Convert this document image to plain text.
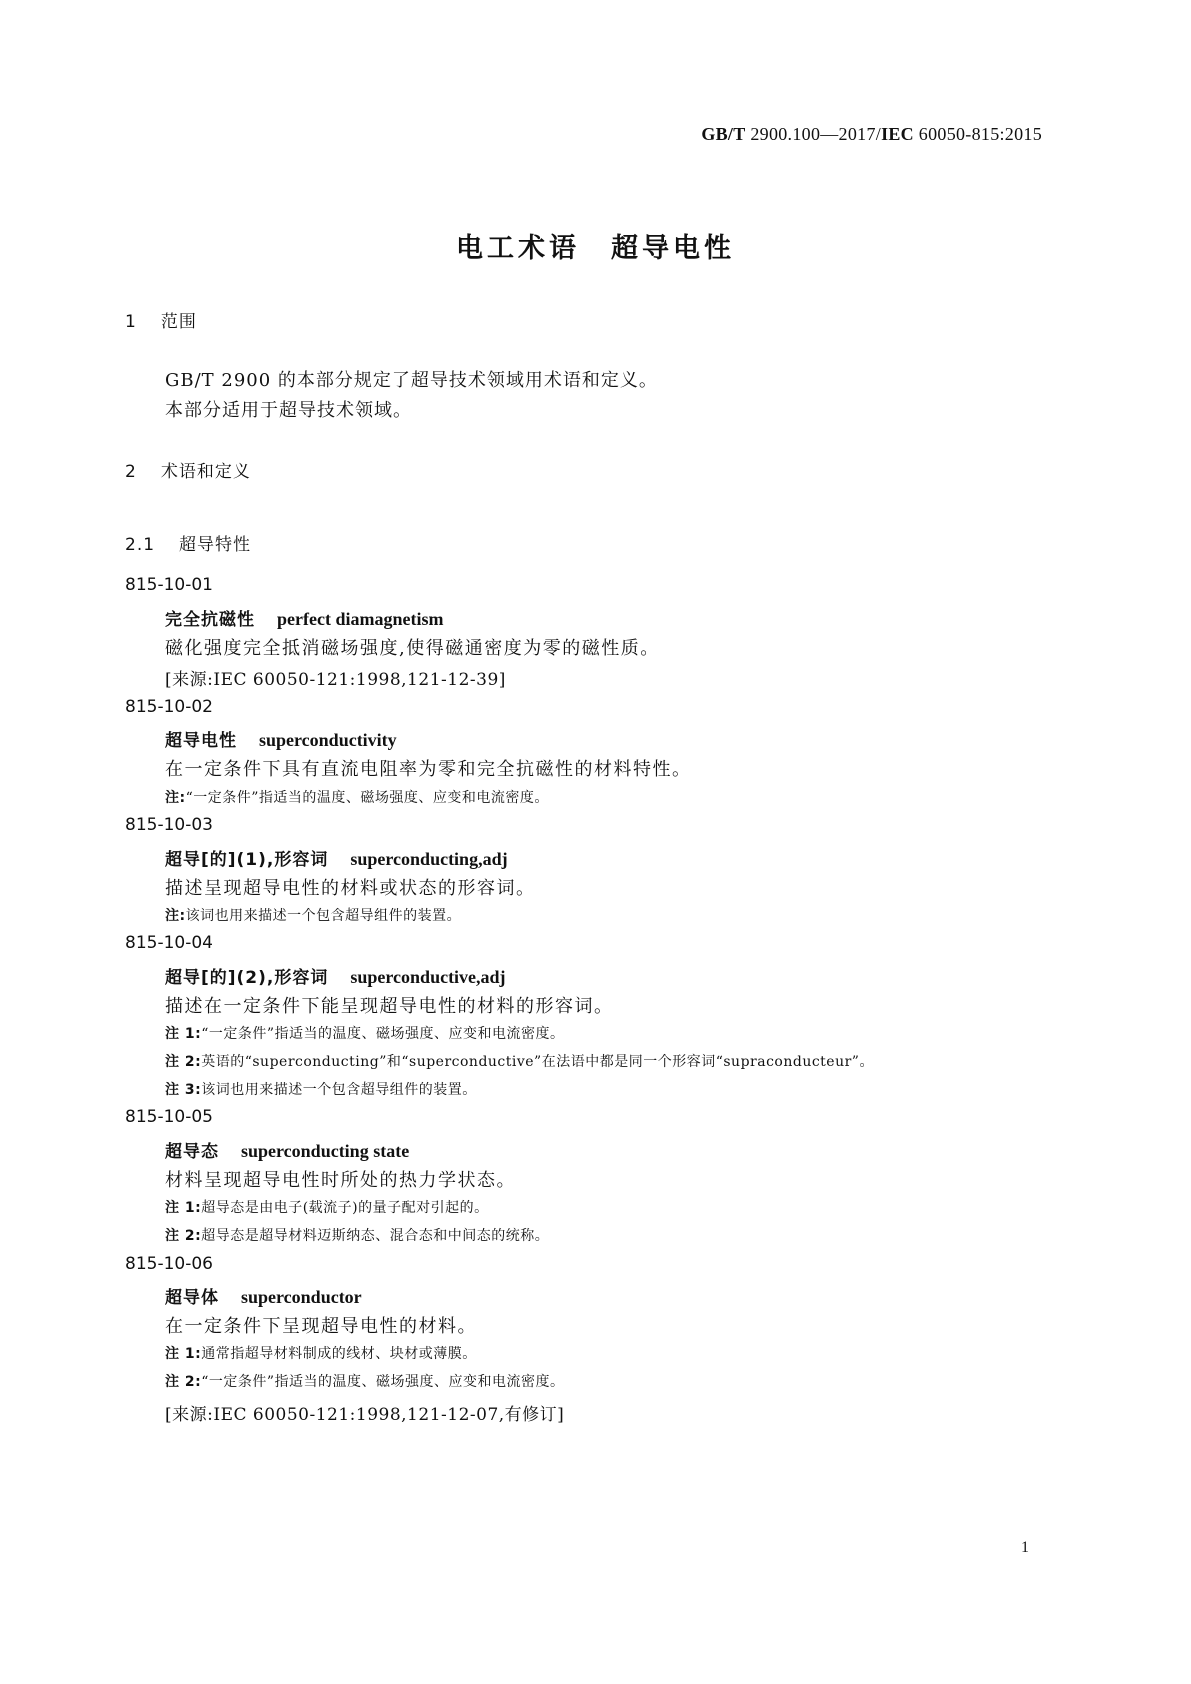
GB/T 2900.100—2017/IEC 60050-815:2015
电工术语　超导电性
1 范围
GB/T 2900 的本部分规定了超导技术领域用术语和定义。
本部分适用于超导技术领域。
2 术语和定义
2.1 超导特性
815-10-01
完全抗磁性 perfect diamagnetism
磁化强度完全抵消磁场强度,使得磁通密度为零的磁性质。
[来源:IEC 60050-121:1998,121-12-39]
815-10-02
超导电性 superconductivity
在一定条件下具有直流电阻率为零和完全抗磁性的材料特性。
注:“一定条件”指适当的温度、磁场强度、应变和电流密度。
815-10-03
超导[的](1),形容词 superconducting,adj
描述呈现超导电性的材料或状态的形容词。
注:该词也用来描述一个包含超导组件的装置。
815-10-04
超导[的](2),形容词 superconductive,adj
描述在一定条件下能呈现超导电性的材料的形容词。
注 1:“一定条件”指适当的温度、磁场强度、应变和电流密度。
注 2:英语的“superconducting”和“superconductive”在法语中都是同一个形容词“supraconducteur”。
注 3:该词也用来描述一个包含超导组件的装置。
815-10-05
超导态 superconducting state
材料呈现超导电性时所处的热力学状态。
注 1:超导态是由电子(载流子)的量子配对引起的。
注 2:超导态是超导材料迈斯纳态、混合态和中间态的统称。
815-10-06
超导体 superconductor
在一定条件下呈现超导电性的材料。
注 1:通常指超导材料制成的线材、块材或薄膜。
注 2:“一定条件”指适当的温度、磁场强度、应变和电流密度。
[来源:IEC 60050-121:1998,121-12-07,有修订]
1
